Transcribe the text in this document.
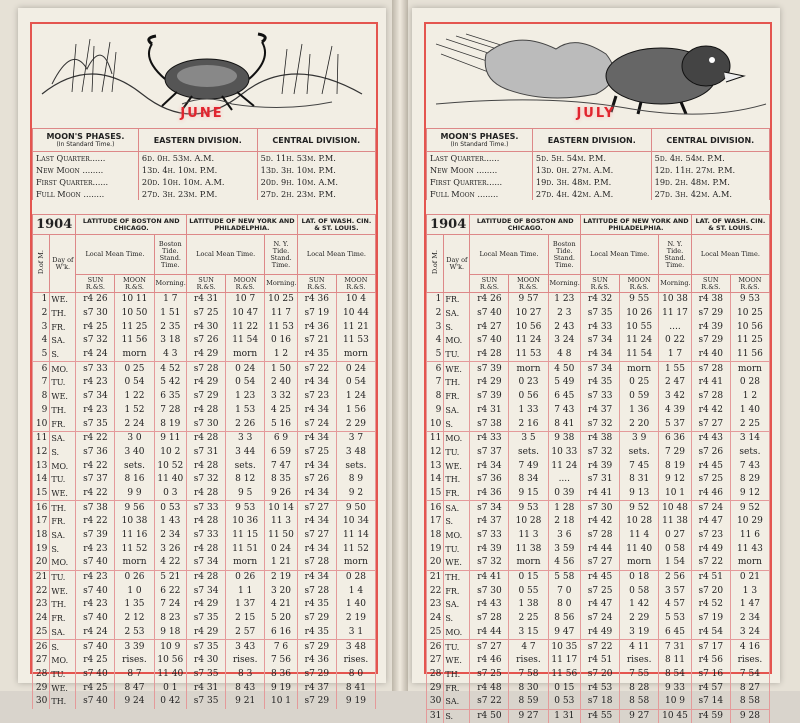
JUNE
MOON'S PHASES.
(In Standard Time.)	EASTERN DIVISION.	CENTRAL DIVISION.
Last Quarter......	6d. 0h. 53m. A.M.	5d. 11h. 53m. P.M.
New Moon ........	13d. 4h. 10m. P.M.	13d. 3h. 10m. P.M.
First Quarter......	20d. 10h. 10m. A.M.	20d. 9h. 10m. A.M.
Full Moon ........	27d. 3h. 23m. P.M.	27d. 2h. 23m. P.M.
1904		LATITUDE OF BOSTON AND CHICAGO.			LATITUDE OF NEW YORK AND PHILADELPHIA.			LAT. OF WASH. CIN. & ST. LOUIS.	
D.of M.	Day of W'k.	Local Mean Time.		Boston Tide.
Stand. Time.	Local Mean Time.		N. Y. Tide.
Stand. Time.	Local Mean Time.	
		SUN R.&S.	MOON R.&S.	Morning.	SUN R.&S.	MOON R.&S.	Morning.	SUN R.&S.	MOON R.&S.
1	WE.	r4 26	10 11	1 7	r4 31	10 7	10 25	r4 36	10 4
2	TH.	s7 30	10 50	1 51	s7 25	10 47	11 7	s7 19	10 44
3	FR.	r4 25	11 25	2 35	r4 30	11 22	11 53	r4 36	11 21
4	SA.	s7 32	11 56	3 18	s7 26	11 54	0 16	s7 21	11 53
5	S.	r4 24	morn	4 3	r4 29	morn	1 2	r4 35	morn
6	MO.	s7 33	0 25	4 52	s7 28	0 24	1 50	s7 22	0 24
7	TU.	r4 23	0 54	5 42	r4 29	0 54	2 40	r4 34	0 54
8	WE.	s7 34	1 22	6 35	s7 29	1 23	3 32	s7 23	1 24
9	TH.	r4 23	1 52	7 28	r4 28	1 53	4 25	r4 34	1 56
10	FR.	s7 35	2 24	8 19	s7 30	2 26	5 16	s7 24	2 29
11	SA.	r4 22	3 0	9 11	r4 28	3 3	6 9	r4 34	3 7
12	S.	s7 36	3 40	10 2	s7 31	3 44	6 59	s7 25	3 48
13	MO.	r4 22	sets.	10 52	r4 28	sets.	7 47	r4 34	sets.
14	TU.	s7 37	8 16	11 40	s7 32	8 12	8 35	s7 26	8 9
15	WE.	r4 22	9 9	0 3	r4 28	9 5	9 26	r4 34	9 2
16	TH.	s7 38	9 56	0 53	s7 33	9 53	10 14	s7 27	9 50
17	FR.	r4 22	10 38	1 43	r4 28	10 36	11 3	r4 34	10 34
18	SA.	s7 39	11 16	2 34	s7 33	11 15	11 50	s7 27	11 14
19	S.	r4 23	11 52	3 26	r4 28	11 51	0 24	r4 34	11 52
20	MO.	s7 40	morn	4 22	s7 34	morn	1 21	s7 28	morn
21	TU.	r4 23	0 26	5 21	r4 28	0 26	2 19	r4 34	0 28
22	WE.	s7 40	1 0	6 22	s7 34	1 1	3 20	s7 28	1 4
23	TH.	r4 23	1 35	7 24	r4 29	1 37	4 21	r4 35	1 40
24	FR.	s7 40	2 12	8 23	s7 35	2 15	5 20	s7 29	2 19
25	SA.	r4 24	2 53	9 18	r4 29	2 57	6 16	r4 35	3 1
26	S.	s7 40	3 39	10 9	s7 35	3 43	7 6	s7 29	3 48
27	MO.	r4 25	rises.	10 56	r4 30	rises.	7 56	r4 36	rises.
28	TU.	s7 40	8 7	11 40	s7 35	8 3	8 36	s7 29	8 0
29	WE.	r4 25	8 47	0 1	r4 31	8 43	9 19	r4 37	8 41
30	TH.	s7 40	9 24	0 42	s7 35	9 21	10 1	s7 29	9 19
JULY
MOON'S PHASES.
(In Standard Time.)	EASTERN DIVISION.	CENTRAL DIVISION.
Last Quarter......	5d. 5h. 54m. P.M.	5d. 4h. 54m. P.M.
New Moon ........	13d. 0h. 27m. A.M.	12d. 11h. 27m. P.M.
First Quarter......	19d. 3h. 48m. P.M.	19d. 2h. 48m. P.M.
Full Moon ........	27d. 4h. 42m. A.M.	27d. 3h. 42m. A.M.
1904		LATITUDE OF BOSTON AND CHICAGO.			LATITUDE OF NEW YORK AND PHILADELPHIA.			LAT. OF WASH. CIN. & ST. LOUIS.	
D.of M.	Day of W'k.	Local Mean Time.		Boston Tide.
Stand. Time.	Local Mean Time.		N. Y. Tide.
Stand. Time.	Local Mean Time.	
		SUN R.&S.	MOON R.&S.	Morning.	SUN R.&S.	MOON R.&S.	Morning.	SUN R.&S.	MOON R.&S.
1	FR.	r4 26	9 57	1 23	r4 32	9 55	10 38	r4 38	9 53
2	SA.	s7 40	10 27	2 3	s7 35	10 26	11 17	s7 29	10 25
3	S.	r4 27	10 56	2 43	r4 33	10 55	....	r4 39	10 56
4	MO.	s7 40	11 24	3 24	s7 34	11 24	0 22	s7 29	11 25
5	TU.	r4 28	11 53	4 8	r4 34	11 54	1 7	r4 40	11 56
6	WE.	s7 39	morn	4 50	s7 34	morn	1 55	s7 28	morn
7	TH.	r4 29	0 23	5 49	r4 35	0 25	2 47	r4 41	0 28
8	FR.	s7 39	0 56	6 45	s7 33	0 59	3 42	s7 28	1 2
9	SA.	r4 31	1 33	7 43	r4 37	1 36	4 39	r4 42	1 40
10	S.	s7 38	2 16	8 41	s7 32	2 20	5 37	s7 27	2 25
11	MO.	r4 33	3 5	9 38	r4 38	3 9	6 36	r4 43	3 14
12	TU.	s7 37	sets.	10 33	s7 32	sets.	7 29	s7 26	sets.
13	WE.	r4 34	7 49	11 24	r4 39	7 45	8 19	r4 45	7 43
14	TH.	s7 36	8 34	....	s7 31	8 31	9 12	s7 25	8 29
15	FR.	r4 36	9 15	0 39	r4 41	9 13	10 1	r4 46	9 12
16	SA.	s7 34	9 53	1 28	s7 30	9 52	10 48	s7 24	9 52
17	S.	r4 37	10 28	2 18	r4 42	10 28	11 38	r4 47	10 29
18	MO.	s7 33	11 3	3 6	s7 28	11 4	0 27	s7 23	11 6
19	TU.	r4 39	11 38	3 59	r4 44	11 40	0 58	r4 49	11 43
20	WE.	s7 32	morn	4 56	s7 27	morn	1 54	s7 22	morn
21	TH.	r4 41	0 15	5 58	r4 45	0 18	2 56	r4 51	0 21
22	FR.	s7 30	0 55	7 0	s7 25	0 58	3 57	s7 20	1 3
23	SA.	r4 43	1 38	8 0	r4 47	1 42	4 57	r4 52	1 47
24	S.	s7 28	2 25	8 56	s7 24	2 29	5 53	s7 19	2 34
25	MO.	r4 44	3 15	9 47	r4 49	3 19	6 45	r4 54	3 24
26	TU.	s7 27	4 7	10 35	s7 22	4 11	7 31	s7 17	4 16
27	WE.	r4 46	rises.	11 17	r4 51	rises.	8 11	r4 56	rises.
28	TH.	s7 25	7 58	11 56	s7 20	7 55	8 54	s7 16	7 54
29	FR.	r4 48	8 30	0 15	r4 53	8 28	9 33	r4 57	8 27
30	SA.	s7 22	8 59	0 53	s7 18	8 58	10 9	s7 14	8 58
31	S.	r4 50	9 27	1 31	r4 55	9 27	10 45	r4 59	9 28
